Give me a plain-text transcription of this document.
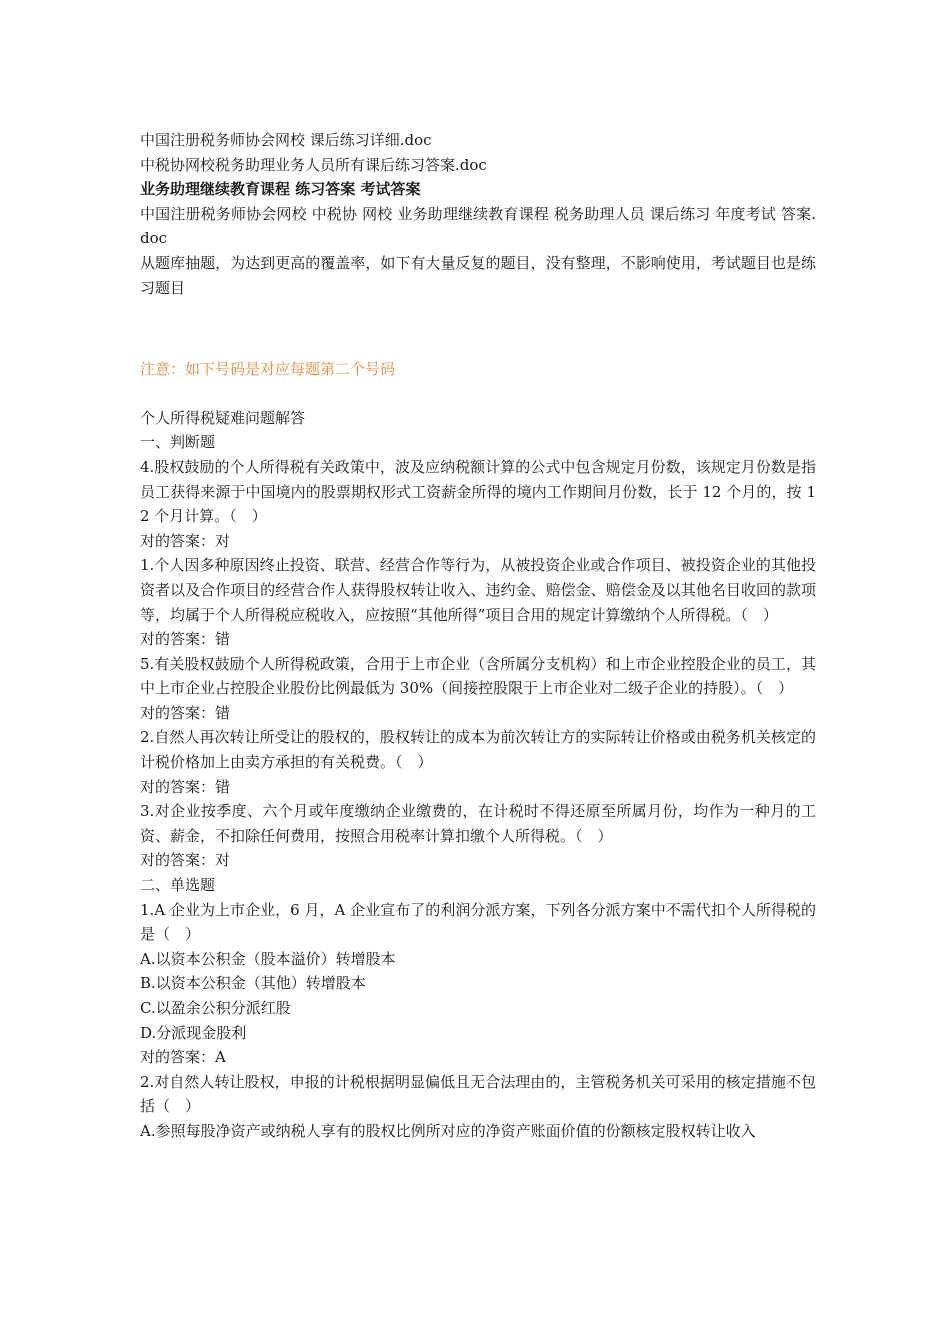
中国注册税务师协会网校 课后练习详细.doc

中税协网校税务助理业务人员所有课后练习答案.doc

业务助理继续教育课程 练习答案 考试答案

中国注册税务师协会网校 中税协 网校 业务助理继续教育课程 税务助理人员 课后练习 年度考试 答案.doc

从题库抽题，为达到更高的覆盖率，如下有大量反复的题目，没有整理，不影响使用，考试题目也是练习题目

注意：如下号码是对应每题第二个号码

个人所得税疑难问题解答

一、判断题

4.股权鼓励的个人所得税有关政策中，波及应纳税额计算的公式中包含规定月份数，该规定月份数是指员工获得来源于中国境内的股票期权形式工资薪金所得的境内工作期间月份数，长于 12 个月的，按 12 个月计算。（　）

对的答案：对

1.个人因多种原因终止投资、联营、经营合作等行为，从被投资企业或合作项目、被投资企业的其他投资者以及合作项目的经营合作人获得股权转让收入、违约金、赔偿金、赔偿金及以其他名目收回的款项等，均属于个人所得税应税收入，应按照“其他所得”项目合用的规定计算缴纳个人所得税。（　）

对的答案：错

5.有关股权鼓励个人所得税政策，合用于上市企业（含所属分支机构）和上市企业控股企业的员工，其中上市企业占控股企业股份比例最低为 30%（间接控股限于上市企业对二级子企业的持股）。（　）

对的答案：错

2.自然人再次转让所受让的股权的，股权转让的成本为前次转让方的实际转让价格或由税务机关核定的计税价格加上由卖方承担的有关税费。（　）

对的答案：错

3.对企业按季度、六个月或年度缴纳企业缴费的，在计税时不得还原至所属月份，均作为一种月的工资、薪金，不扣除任何费用，按照合用税率计算扣缴个人所得税。（　）

对的答案：对

二、单选题

1.A 企业为上市企业，6 月，A 企业宣布了的利润分派方案，下列各分派方案中不需代扣个人所得税的是（　）

A.以资本公积金（股本溢价）转增股本

B.以资本公积金（其他）转增股本

C.以盈余公积分派红股

D.分派现金股利

对的答案：A

2.对自然人转让股权，申报的计税根据明显偏低且无合法理由的，主管税务机关可采用的核定措施不包括（　）

A.参照每股净资产或纳税人享有的股权比例所对应的净资产账面价值的份额核定股权转让收入
